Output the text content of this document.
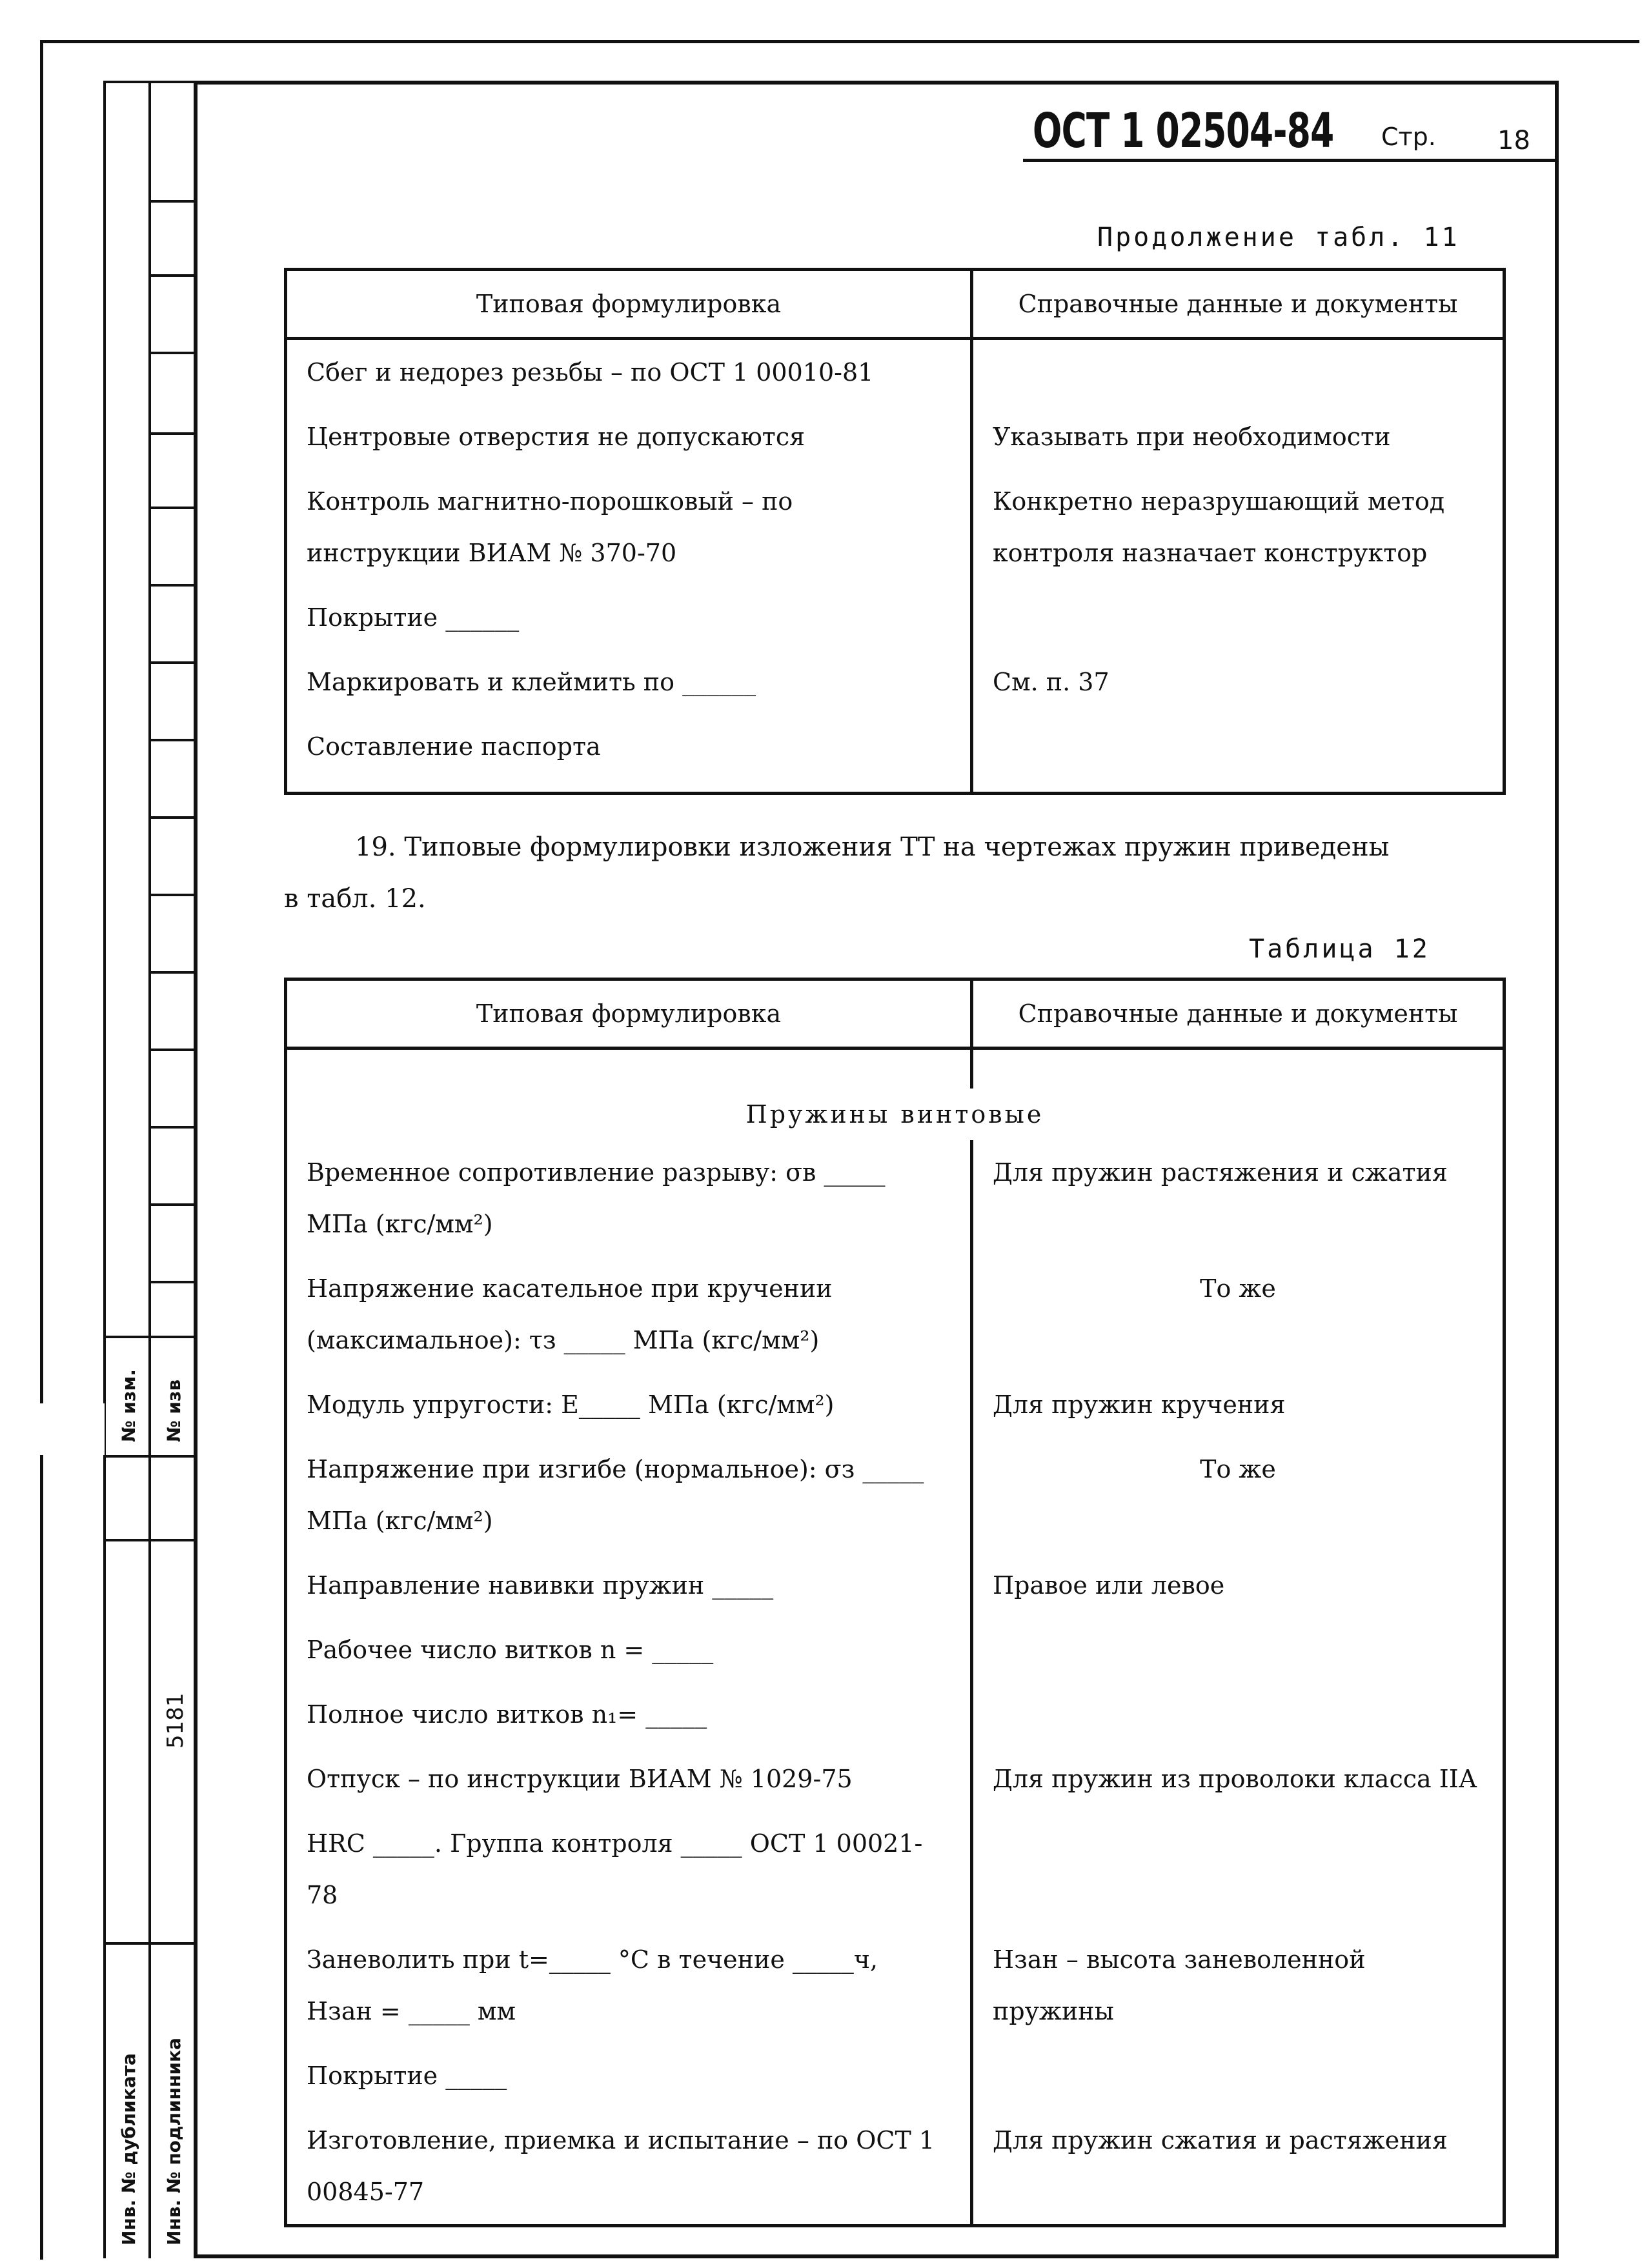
№ изм. № изв
5181
Инв. № дубликата Инв. № подлинника
ОСТ 1 02504-84 Стр. 18
Продолжение табл. 11
Типовая формулировка	Справочные данные и документы
Сбег и недорез резьбы – по ОСТ 1 00010-81	
Центровые отверстия не допускаются	Указывать при необходимости
Контроль магнитно-порошковый – по инструкции ВИАМ № 370-70	Конкретно неразрушающий метод контроля назначает конструктор
Покрытие ______	
Маркировать и клеймить по ______	См. п. 37
Составление паспорта	
19. Типовые формулировки изложения ТТ на чертежах пружин приведены
в табл. 12.
Таблица 12
Типовая формулировка	Справочные данные и документы

Пружины винтовые	
Временное сопротивление разрыву: σв _____ МПа (кгс/мм²)	Для пружин растяжения и сжатия
Напряжение касательное при кручении (максимальное): τз _____ МПа (кгс/мм²)	То же
Модуль упругости: Е_____ МПа (кгс/мм²)	Для пружин кручения
Напряжение при изгибе (нормальное): σз _____ МПа (кгс/мм²)	То же
Направление навивки пружин _____	Правое или левое
Рабочее число витков n = _____	
Полное число витков n₁= _____	
Отпуск – по инструкции ВИАМ № 1029-75	Для пружин из проволоки класса IIА
HRC _____. Группа контроля _____ ОСТ 1 00021-78	
Заневолить при t=_____ °С в течение _____ч, Нзан = _____ мм	Нзан – высота заневоленной пружины
Покрытие _____	
Изготовление, приемка и испытание – по ОСТ 1 00845-77	Для пружин сжатия и растяжения
